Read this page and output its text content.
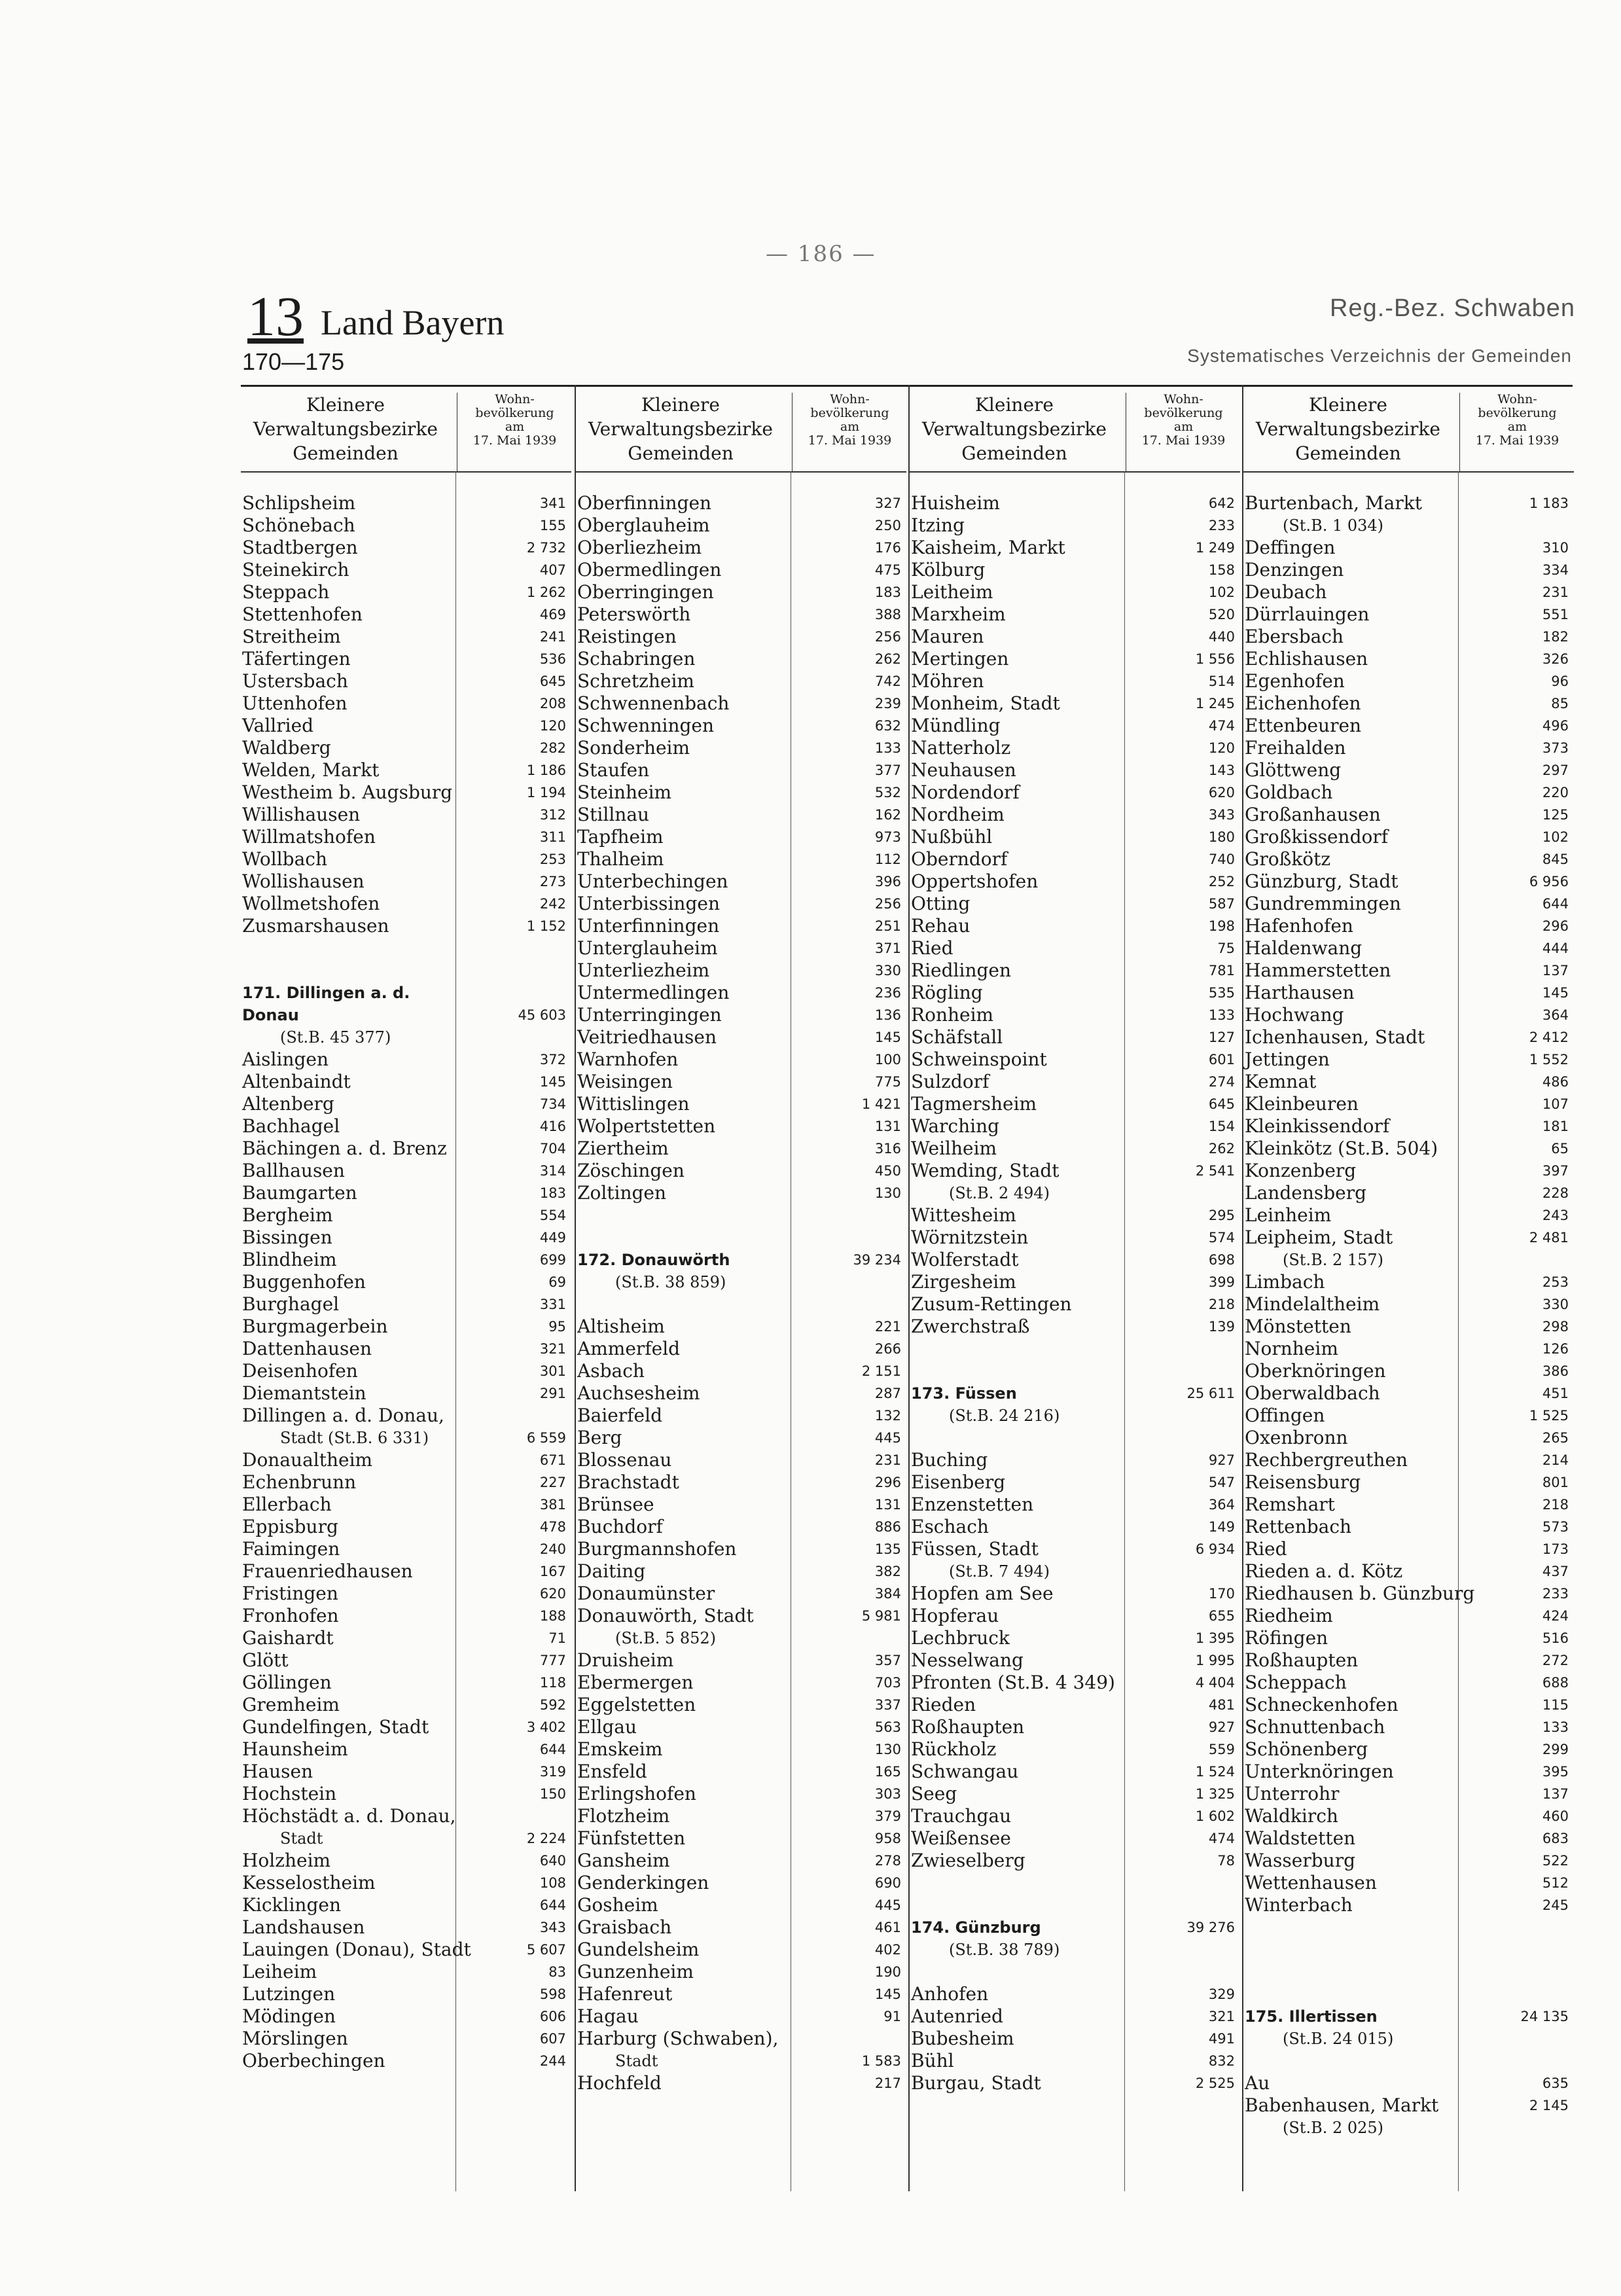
— 186 —
13 Land Bayern
170—175
Reg.-Bez. Schwaben
Systematisches Verzeichnis der Gemeinden
Kleinere
Verwaltungsbezirke
Gemeinden
Wohn-
bevölkerung
am
17. Mai 1939
Schlipsheim	341
Schönebach	155
Stadtbergen	2 732
Steinekirch	407
Steppach	1 262
Stettenhofen	469
Streitheim	241
Täfertingen	536
Ustersbach	645
Uttenhofen	208
Vallried	120
Waldberg	282
Welden, Markt	1 186
Westheim b. Augsburg	1 194
Willishausen	312
Willmatshofen	311
Wollbach	253
Wollishausen	273
Wollmetshofen	242
Zusmarshausen	1 152
171. Dillingen a. d.
Donau	45 603
(St.B. 45 377)
Aislingen	372
Altenbaindt	145
Altenberg	734
Bachhagel	416
Bächingen a. d. Brenz	704
Ballhausen	314
Baumgarten	183
Bergheim	554
Bissingen	449
Blindheim	699
Buggenhofen	69
Burghagel	331
Burgmagerbein	95
Dattenhausen	321
Deisenhofen	301
Diemantstein	291
Dillingen a. d. Donau,
Stadt (St.B. 6 331)	6 559
Donaualtheim	671
Echenbrunn	227
Ellerbach	381
Eppisburg	478
Faimingen	240
Frauenriedhausen	167
Fristingen	620
Fronhofen	188
Gaishardt	71
Glött	777
Göllingen	118
Gremheim	592
Gundelfingen, Stadt	3 402
Haunsheim	644
Hausen	319
Hochstein	150
Höchstädt a. d. Donau,
Stadt	2 224
Holzheim	640
Kesselostheim	108
Kicklingen	644
Landshausen	343
Lauingen (Donau), Stadt	5 607
Leiheim	83
Lutzingen	598
Mödingen	606
Mörslingen	607
Oberbechingen	244
Kleinere
Verwaltungsbezirke
Gemeinden
Wohn-
bevölkerung
am
17. Mai 1939
Oberfinningen	327
Oberglauheim	250
Oberliezheim	176
Obermedlingen	475
Oberringingen	183
Peterswörth	388
Reistingen	256
Schabringen	262
Schretzheim	742
Schwennenbach	239
Schwenningen	632
Sonderheim	133
Staufen	377
Steinheim	532
Stillnau	162
Tapfheim	973
Thalheim	112
Unterbechingen	396
Unterbissingen	256
Unterfinningen	251
Unterglauheim	371
Unterliezheim	330
Untermedlingen	236
Unterringingen	136
Veitriedhausen	145
Warnhofen	100
Weisingen	775
Wittislingen	1 421
Wolpertstetten	131
Ziertheim	316
Zöschingen	450
Zoltingen	130
172. Donauwörth	39 234
(St.B. 38 859)
Altisheim	221
Ammerfeld	266
Asbach	2 151
Auchsesheim	287
Baierfeld	132
Berg	445
Blossenau	231
Brachstadt	296
Brünsee	131
Buchdorf	886
Burgmannshofen	135
Daiting	382
Donaumünster	384
Donauwörth, Stadt	5 981
(St.B. 5 852)
Druisheim	357
Ebermergen	703
Eggelstetten	337
Ellgau	563
Emskeim	130
Ensfeld	165
Erlingshofen	303
Flotzheim	379
Fünfstetten	958
Gansheim	278
Genderkingen	690
Gosheim	445
Graisbach	461
Gundelsheim	402
Gunzenheim	190
Hafenreut	145
Hagau	91
Harburg (Schwaben),
Stadt	1 583
Hochfeld	217
Kleinere
Verwaltungsbezirke
Gemeinden
Wohn-
bevölkerung
am
17. Mai 1939
Huisheim	642
Itzing	233
Kaisheim, Markt	1 249
Kölburg	158
Leitheim	102
Marxheim	520
Mauren	440
Mertingen	1 556
Möhren	514
Monheim, Stadt	1 245
Mündling	474
Natterholz	120
Neuhausen	143
Nordendorf	620
Nordheim	343
Nußbühl	180
Oberndorf	740
Oppertshofen	252
Otting	587
Rehau	198
Ried	75
Riedlingen	781
Rögling	535
Ronheim	133
Schäfstall	127
Schweinspoint	601
Sulzdorf	274
Tagmersheim	645
Warching	154
Weilheim	262
Wemding, Stadt	2 541
(St.B. 2 494)
Wittesheim	295
Wörnitzstein	574
Wolferstadt	698
Zirgesheim	399
Zusum-Rettingen	218
Zwerchstraß	139
173. Füssen	25 611
(St.B. 24 216)
Buching	927
Eisenberg	547
Enzenstetten	364
Eschach	149
Füssen, Stadt	6 934
(St.B. 7 494)
Hopfen am See	170
Hopferau	655
Lechbruck	1 395
Nesselwang	1 995
Pfronten (St.B. 4 349)	4 404
Rieden	481
Roßhaupten	927
Rückholz	559
Schwangau	1 524
Seeg	1 325
Trauchgau	1 602
Weißensee	474
Zwieselberg	78
174. Günzburg	39 276
(St.B. 38 789)
Anhofen	329
Autenried	321
Bubesheim	491
Bühl	832
Burgau, Stadt	2 525
Kleinere
Verwaltungsbezirke
Gemeinden
Wohn-
bevölkerung
am
17. Mai 1939
Burtenbach, Markt	1 183
(St.B. 1 034)
Deffingen	310
Denzingen	334
Deubach	231
Dürrlauingen	551
Ebersbach	182
Echlishausen	326
Egenhofen	96
Eichenhofen	85
Ettenbeuren	496
Freihalden	373
Glöttweng	297
Goldbach	220
Großanhausen	125
Großkissendorf	102
Großkötz	845
Günzburg, Stadt	6 956
Gundremmingen	644
Hafenhofen	296
Haldenwang	444
Hammerstetten	137
Harthausen	145
Hochwang	364
Ichenhausen, Stadt	2 412
Jettingen	1 552
Kemnat	486
Kleinbeuren	107
Kleinkissendorf	181
Kleinkötz (St.B. 504)	65
Konzenberg	397
Landensberg	228
Leinheim	243
Leipheim, Stadt	2 481
(St.B. 2 157)
Limbach	253
Mindelaltheim	330
Mönstetten	298
Nornheim	126
Oberknöringen	386
Oberwaldbach	451
Offingen	1 525
Oxenbronn	265
Rechbergreuthen	214
Reisensburg	801
Remshart	218
Rettenbach	573
Ried	173
Rieden a. d. Kötz	437
Riedhausen b. Günzburg	233
Riedheim	424
Röfingen	516
Roßhaupten	272
Scheppach	688
Schneckenhofen	115
Schnuttenbach	133
Schönenberg	299
Unterknöringen	395
Unterrohr	137
Waldkirch	460
Waldstetten	683
Wasserburg	522
Wettenhausen	512
Winterbach	245
175. Illertissen	24 135
(St.B. 24 015)
Au	635
Babenhausen, Markt	2 145
(St.B. 2 025)
